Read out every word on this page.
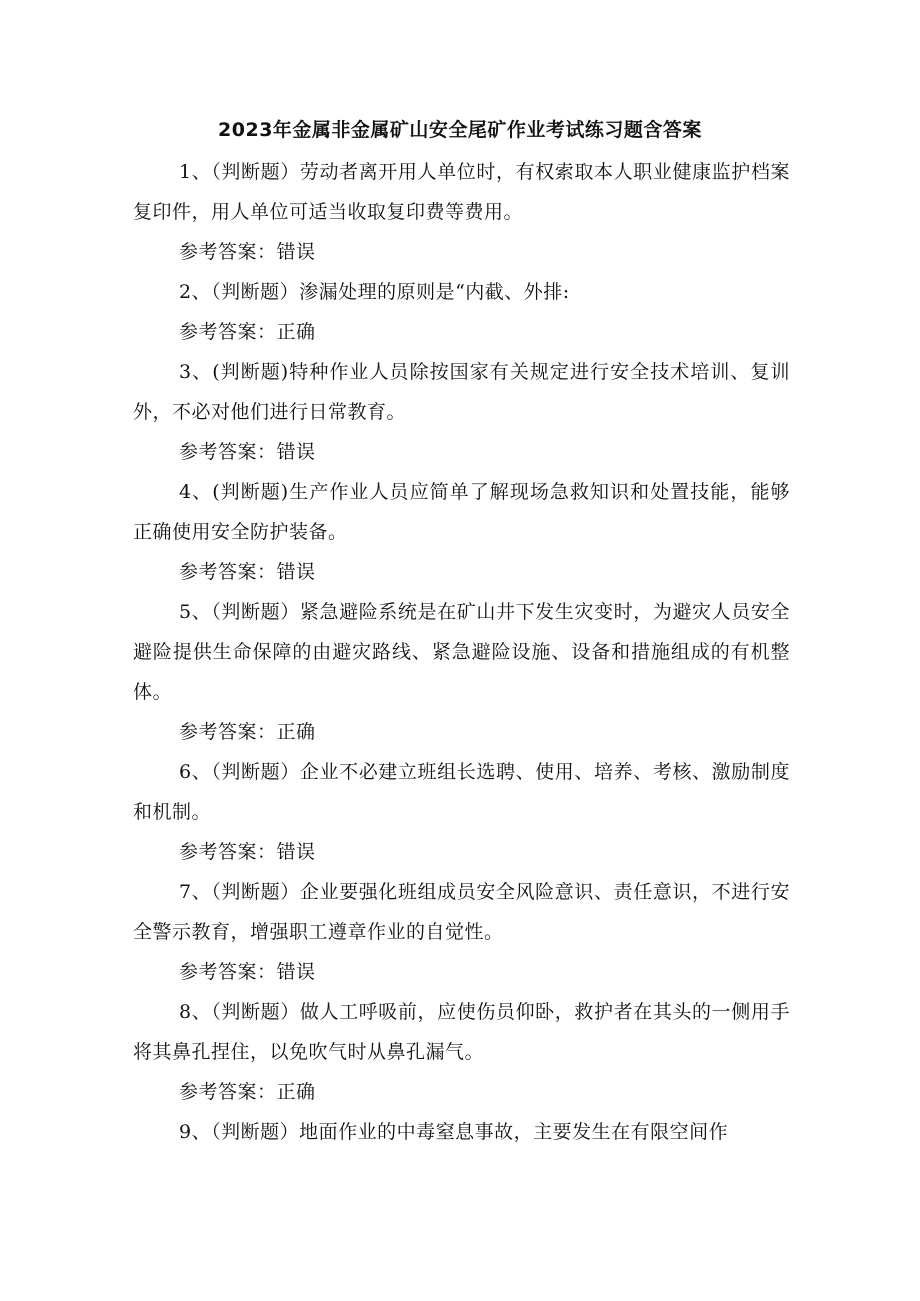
2023年金属非金属矿山安全尾矿作业考试练习题含答案

1、（判断题）劳动者离开用人单位时，有权索取本人职业健康监护档案复印件，用人单位可适当收取复印费等费用。

参考答案：错误

2、（判断题）渗漏处理的原则是“内截、外排:

参考答案：正确

3、(判断题)特种作业人员除按国家有关规定进行安全技术培训、复训外，不必对他们进行日常教育。

参考答案：错误

4、(判断题)生产作业人员应简单了解现场急救知识和处置技能，能够正确使用安全防护装备。

参考答案：错误

5、（判断题）紧急避险系统是在矿山井下发生灾变时，为避灾人员安全避险提供生命保障的由避灾路线、紧急避险设施、设备和措施组成的有机整体。

参考答案：正确

6、（判断题）企业不必建立班组长选聘、使用、培养、考核、激励制度和机制。

参考答案：错误

7、（判断题）企业要强化班组成员安全风险意识、责任意识，不进行安全警示教育，增强职工遵章作业的自觉性。

参考答案：错误

8、（判断题）做人工呼吸前，应使伤员仰卧，救护者在其头的一侧用手将其鼻孔捏住，以免吹气时从鼻孔漏气。

参考答案：正确

9、（判断题）地面作业的中毒窒息事故，主要发生在有限空间作
